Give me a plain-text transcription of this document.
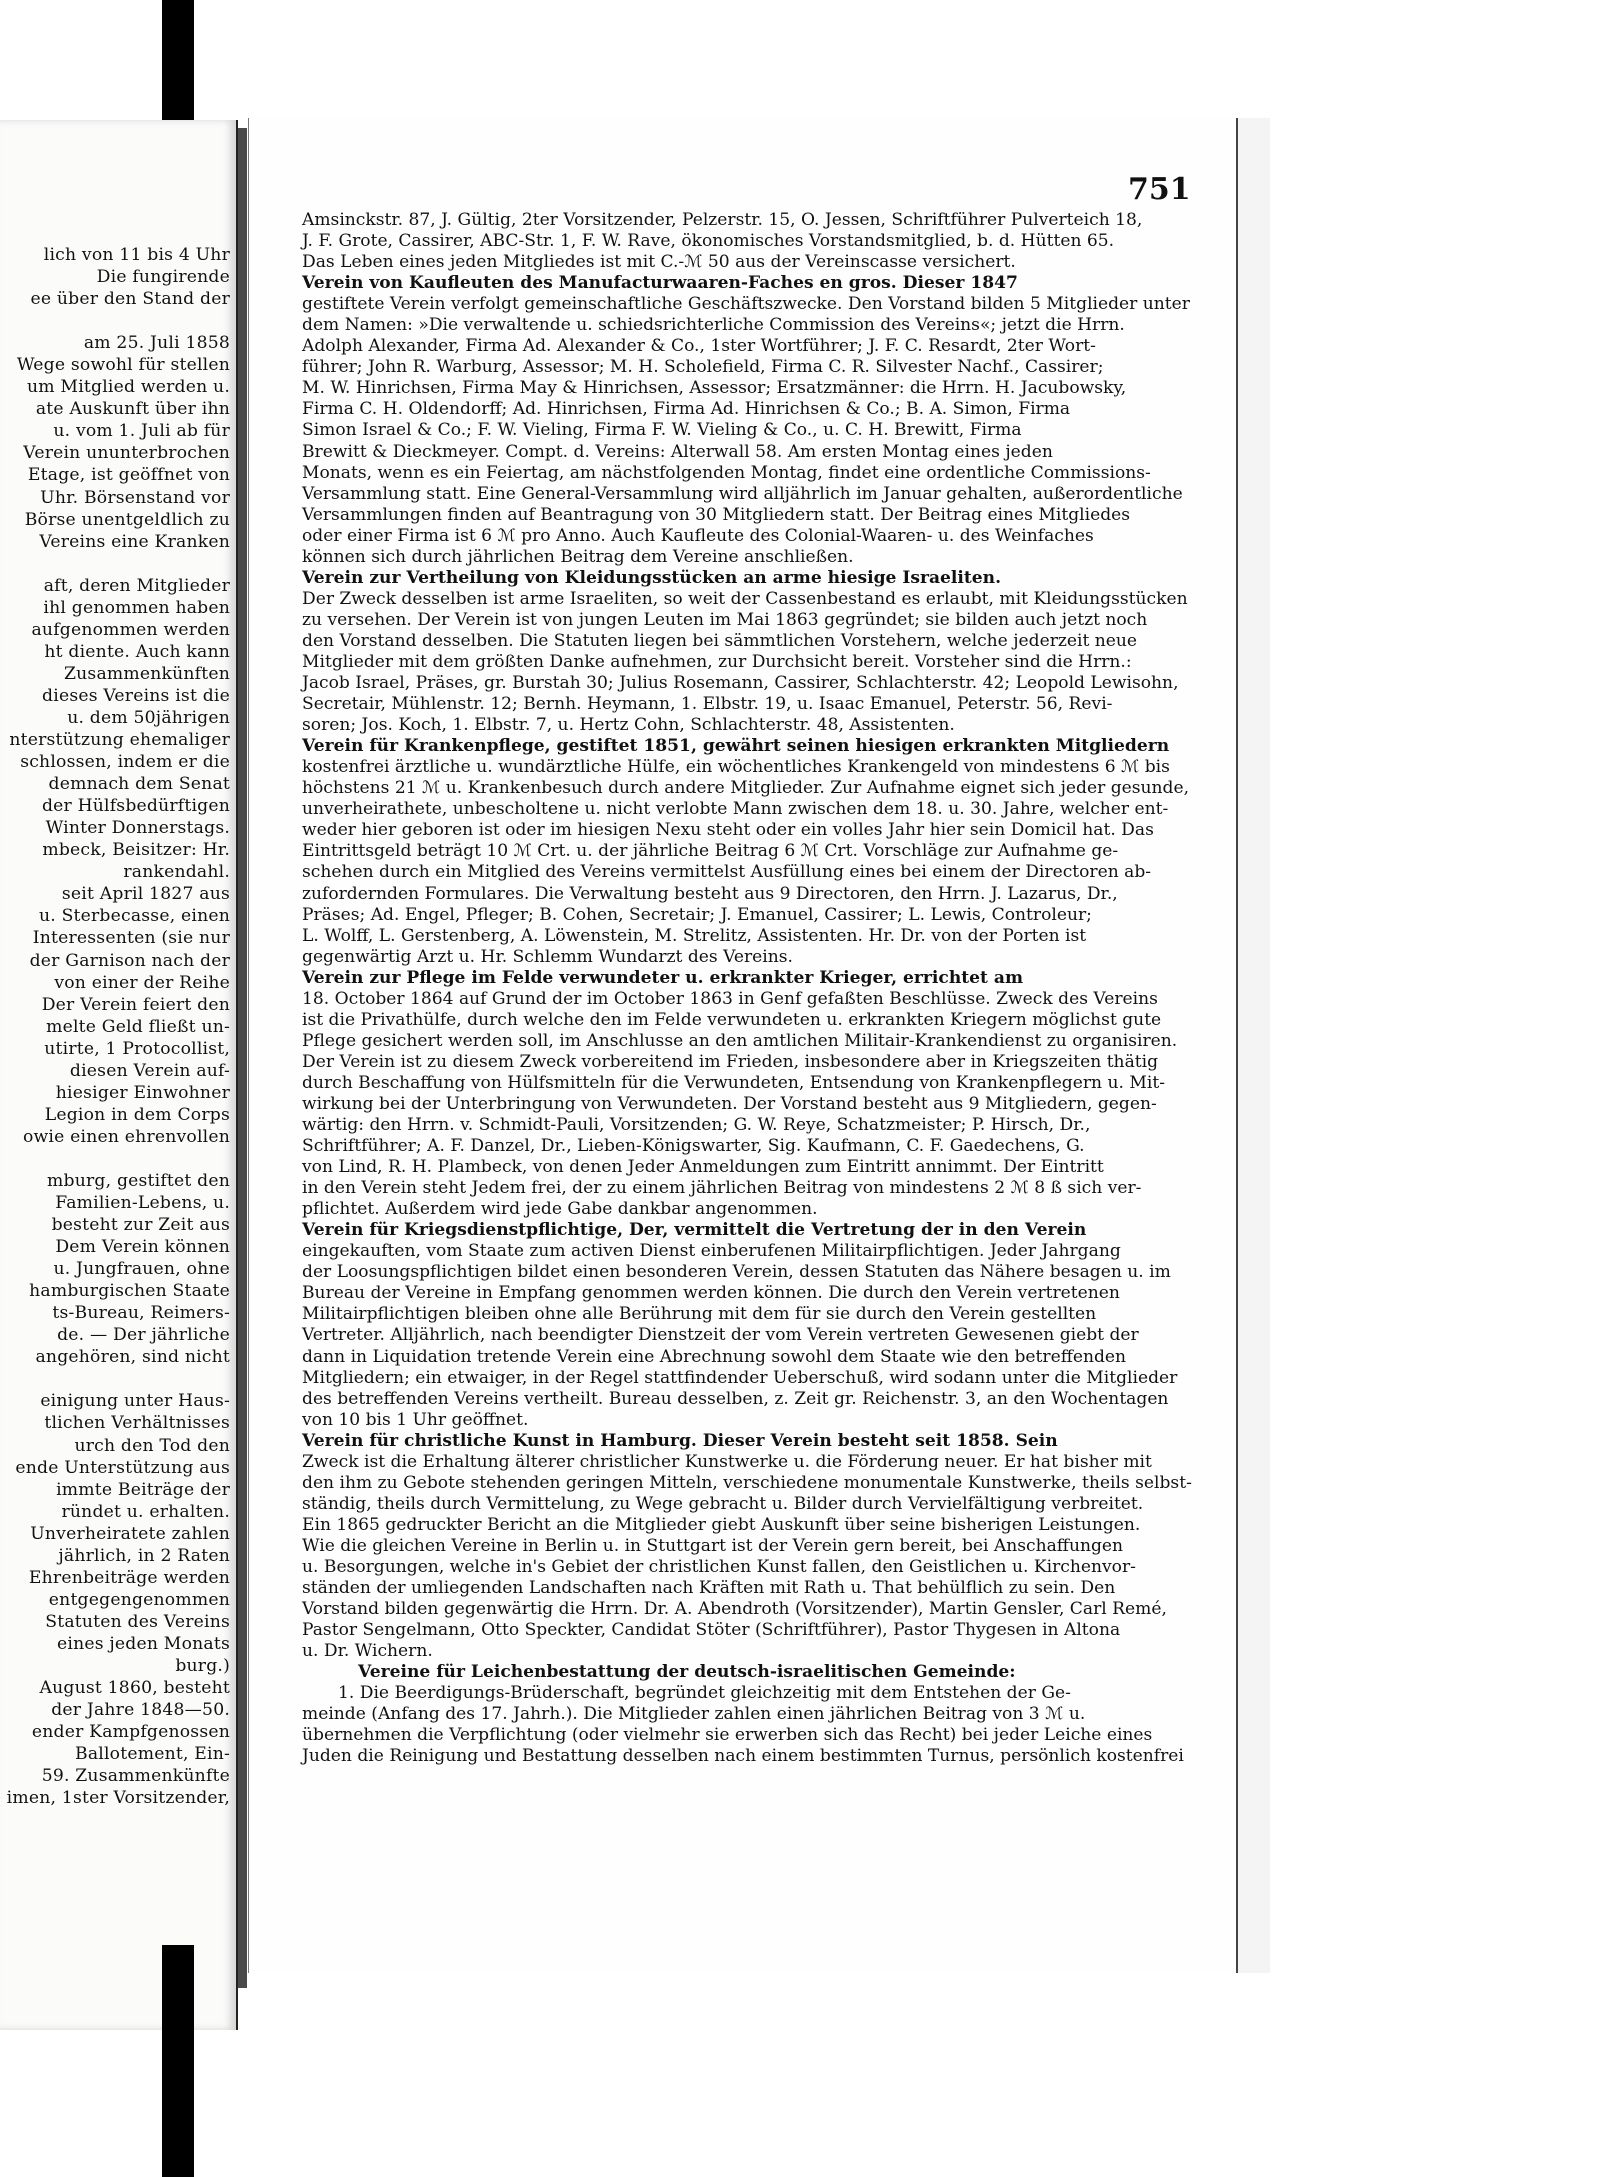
lich von 11 bis 4 Uhr
Die fungirende
ee über den Stand der

am 25. Juli 1858
Wege sowohl für stellen
um Mitglied werden u.
ate Auskunft über ihn
u. vom 1. Juli ab für
Verein ununterbrochen
Etage, ist geöffnet von
Uhr. Börsenstand vor
Börse unentgeldlich zu
Vereins eine Kranken

aft, deren Mitglieder
ihl genommen haben
aufgenommen werden
ht diente. Auch kann
Zusammenkünften
dieses Vereins ist die
u. dem 50jährigen
nterstützung ehemaliger
schlossen, indem er die
demnach dem Senat
der Hülfsbedürftigen
Winter Donnerstags.
mbeck, Beisitzer: Hr.
rankendahl.
seit April 1827 aus
u. Sterbecasse, einen
Interessenten (sie nur
der Garnison nach der
von einer der Reihe
Der Verein feiert den
melte Geld fließt un-
utirte, 1 Protocollist,
diesen Verein auf-
hiesiger Einwohner
Legion in dem Corps
owie einen ehrenvollen

mburg, gestiftet den
Familien-Lebens, u.
besteht zur Zeit aus
Dem Verein können
u. Jungfrauen, ohne
hamburgischen Staate
ts-Bureau, Reimers-
de. — Der jährliche
angehören, sind nicht

einigung unter Haus-
tlichen Verhältnisses
urch den Tod den
ende Unterstützung aus
immte Beiträge der
ründet u. erhalten.
Unverheiratete zahlen
jährlich, in 2 Raten
Ehrenbeiträge werden
entgegengenommen
Statuten des Vereins
eines jeden Monats
burg.)
August 1860, besteht
der Jahre 1848—50.
ender Kampfgenossen
Ballotement, Ein-
59. Zusammenkünfte
imen, 1ster Vorsitzender,
751
Amsinckstr. 87, J. Gültig, 2ter Vorsitzender, Pelzerstr. 15, O. Jessen, Schriftführer Pulverteich 18,
J. F. Grote, Cassirer, ABC-Str. 1, F. W. Rave, ökonomisches Vorstandsmitglied, b. d. Hütten 65.
Das Leben eines jeden Mitgliedes ist mit C.-ℳ 50 aus der Vereinscasse versichert.
Verein von Kaufleuten des Manufacturwaaren-Faches en gros. Dieser 1847
gestiftete Verein verfolgt gemeinschaftliche Geschäftszwecke. Den Vorstand bilden 5 Mitglieder unter
dem Namen: »Die verwaltende u. schiedsrichterliche Commission des Vereins«; jetzt die Hrrn.
Adolph Alexander, Firma Ad. Alexander & Co., 1ster Wortführer; J. F. C. Resardt, 2ter Wort-
führer; John R. Warburg, Assessor; M. H. Scholefield, Firma C. R. Silvester Nachf., Cassirer;
M. W. Hinrichsen, Firma May & Hinrichsen, Assessor; Ersatzmänner: die Hrrn. H. Jacubowsky,
Firma C. H. Oldendorff; Ad. Hinrichsen, Firma Ad. Hinrichsen & Co.; B. A. Simon, Firma
Simon Israel & Co.; F. W. Vieling, Firma F. W. Vieling & Co., u. C. H. Brewitt, Firma
Brewitt & Dieckmeyer. Compt. d. Vereins: Alterwall 58. Am ersten Montag eines jeden
Monats, wenn es ein Feiertag, am nächstfolgenden Montag, findet eine ordentliche Commissions-
Versammlung statt. Eine General-Versammlung wird alljährlich im Januar gehalten, außerordentliche
Versammlungen finden auf Beantragung von 30 Mitgliedern statt. Der Beitrag eines Mitgliedes
oder einer Firma ist 6 ℳ pro Anno. Auch Kaufleute des Colonial-Waaren- u. des Weinfaches
können sich durch jährlichen Beitrag dem Vereine anschließen.
Verein zur Vertheilung von Kleidungsstücken an arme hiesige Israeliten.
Der Zweck desselben ist arme Israeliten, so weit der Cassenbestand es erlaubt, mit Kleidungsstücken
zu versehen. Der Verein ist von jungen Leuten im Mai 1863 gegründet; sie bilden auch jetzt noch
den Vorstand desselben. Die Statuten liegen bei sämmtlichen Vorstehern, welche jederzeit neue
Mitglieder mit dem größten Danke aufnehmen, zur Durchsicht bereit. Vorsteher sind die Hrrn.:
Jacob Israel, Präses, gr. Burstah 30; Julius Rosemann, Cassirer, Schlachterstr. 42; Leopold Lewisohn,
Secretair, Mühlenstr. 12; Bernh. Heymann, 1. Elbstr. 19, u. Isaac Emanuel, Peterstr. 56, Revi-
soren; Jos. Koch, 1. Elbstr. 7, u. Hertz Cohn, Schlachterstr. 48, Assistenten.
Verein für Krankenpflege, gestiftet 1851, gewährt seinen hiesigen erkrankten Mitgliedern
kostenfrei ärztliche u. wundärztliche Hülfe, ein wöchentliches Krankengeld von mindestens 6 ℳ bis
höchstens 21 ℳ u. Krankenbesuch durch andere Mitglieder. Zur Aufnahme eignet sich jeder gesunde,
unverheirathete, unbescholtene u. nicht verlobte Mann zwischen dem 18. u. 30. Jahre, welcher ent-
weder hier geboren ist oder im hiesigen Nexu steht oder ein volles Jahr hier sein Domicil hat. Das
Eintrittsgeld beträgt 10 ℳ Crt. u. der jährliche Beitrag 6 ℳ Crt. Vorschläge zur Aufnahme ge-
schehen durch ein Mitglied des Vereins vermittelst Ausfüllung eines bei einem der Directoren ab-
zufordernden Formulares. Die Verwaltung besteht aus 9 Directoren, den Hrrn. J. Lazarus, Dr.,
Präses; Ad. Engel, Pfleger; B. Cohen, Secretair; J. Emanuel, Cassirer; L. Lewis, Controleur;
L. Wolff, L. Gerstenberg, A. Löwenstein, M. Strelitz, Assistenten. Hr. Dr. von der Porten ist
gegenwärtig Arzt u. Hr. Schlemm Wundarzt des Vereins.
Verein zur Pflege im Felde verwundeter u. erkrankter Krieger, errichtet am
18. October 1864 auf Grund der im October 1863 in Genf gefaßten Beschlüsse. Zweck des Vereins
ist die Privathülfe, durch welche den im Felde verwundeten u. erkrankten Kriegern möglichst gute
Pflege gesichert werden soll, im Anschlusse an den amtlichen Militair-Krankendienst zu organisiren.
Der Verein ist zu diesem Zweck vorbereitend im Frieden, insbesondere aber in Kriegszeiten thätig
durch Beschaffung von Hülfsmitteln für die Verwundeten, Entsendung von Krankenpflegern u. Mit-
wirkung bei der Unterbringung von Verwundeten. Der Vorstand besteht aus 9 Mitgliedern, gegen-
wärtig: den Hrrn. v. Schmidt-Pauli, Vorsitzenden; G. W. Reye, Schatzmeister; P. Hirsch, Dr.,
Schriftführer; A. F. Danzel, Dr., Lieben-Königswarter, Sig. Kaufmann, C. F. Gaedechens, G.
von Lind, R. H. Plambeck, von denen Jeder Anmeldungen zum Eintritt annimmt. Der Eintritt
in den Verein steht Jedem frei, der zu einem jährlichen Beitrag von mindestens 2 ℳ 8 ß sich ver-
pflichtet. Außerdem wird jede Gabe dankbar angenommen.
Verein für Kriegsdienstpflichtige, Der, vermittelt die Vertretung der in den Verein
eingekauften, vom Staate zum activen Dienst einberufenen Militairpflichtigen. Jeder Jahrgang
der Loosungspflichtigen bildet einen besonderen Verein, dessen Statuten das Nähere besagen u. im
Bureau der Vereine in Empfang genommen werden können. Die durch den Verein vertretenen
Militairpflichtigen bleiben ohne alle Berührung mit dem für sie durch den Verein gestellten
Vertreter. Alljährlich, nach beendigter Dienstzeit der vom Verein vertreten Gewesenen giebt der
dann in Liquidation tretende Verein eine Abrechnung sowohl dem Staate wie den betreffenden
Mitgliedern; ein etwaiger, in der Regel stattfindender Ueberschuß, wird sodann unter die Mitglieder
des betreffenden Vereins vertheilt. Bureau desselben, z. Zeit gr. Reichenstr. 3, an den Wochentagen
von 10 bis 1 Uhr geöffnet.
Verein für christliche Kunst in Hamburg. Dieser Verein besteht seit 1858. Sein
Zweck ist die Erhaltung älterer christlicher Kunstwerke u. die Förderung neuer. Er hat bisher mit
den ihm zu Gebote stehenden geringen Mitteln, verschiedene monumentale Kunstwerke, theils selbst-
ständig, theils durch Vermittelung, zu Wege gebracht u. Bilder durch Vervielfältigung verbreitet.
Ein 1865 gedruckter Bericht an die Mitglieder giebt Auskunft über seine bisherigen Leistungen.
Wie die gleichen Vereine in Berlin u. in Stuttgart ist der Verein gern bereit, bei Anschaffungen
u. Besorgungen, welche in's Gebiet der christlichen Kunst fallen, den Geistlichen u. Kirchenvor-
ständen der umliegenden Landschaften nach Kräften mit Rath u. That behülflich zu sein. Den
Vorstand bilden gegenwärtig die Hrrn. Dr. A. Abendroth (Vorsitzender), Martin Gensler, Carl Remé,
Pastor Sengelmann, Otto Speckter, Candidat Stöter (Schriftführer), Pastor Thygesen in Altona
u. Dr. Wichern.
Vereine für Leichenbestattung der deutsch-israelitischen Gemeinde:
1. Die Beerdigungs-Brüderschaft, begründet gleichzeitig mit dem Entstehen der Ge-
meinde (Anfang des 17. Jahrh.). Die Mitglieder zahlen einen jährlichen Beitrag von 3 ℳ u.
übernehmen die Verpflichtung (oder vielmehr sie erwerben sich das Recht) bei jeder Leiche eines
Juden die Reinigung und Bestattung desselben nach einem bestimmten Turnus, persönlich kostenfrei
